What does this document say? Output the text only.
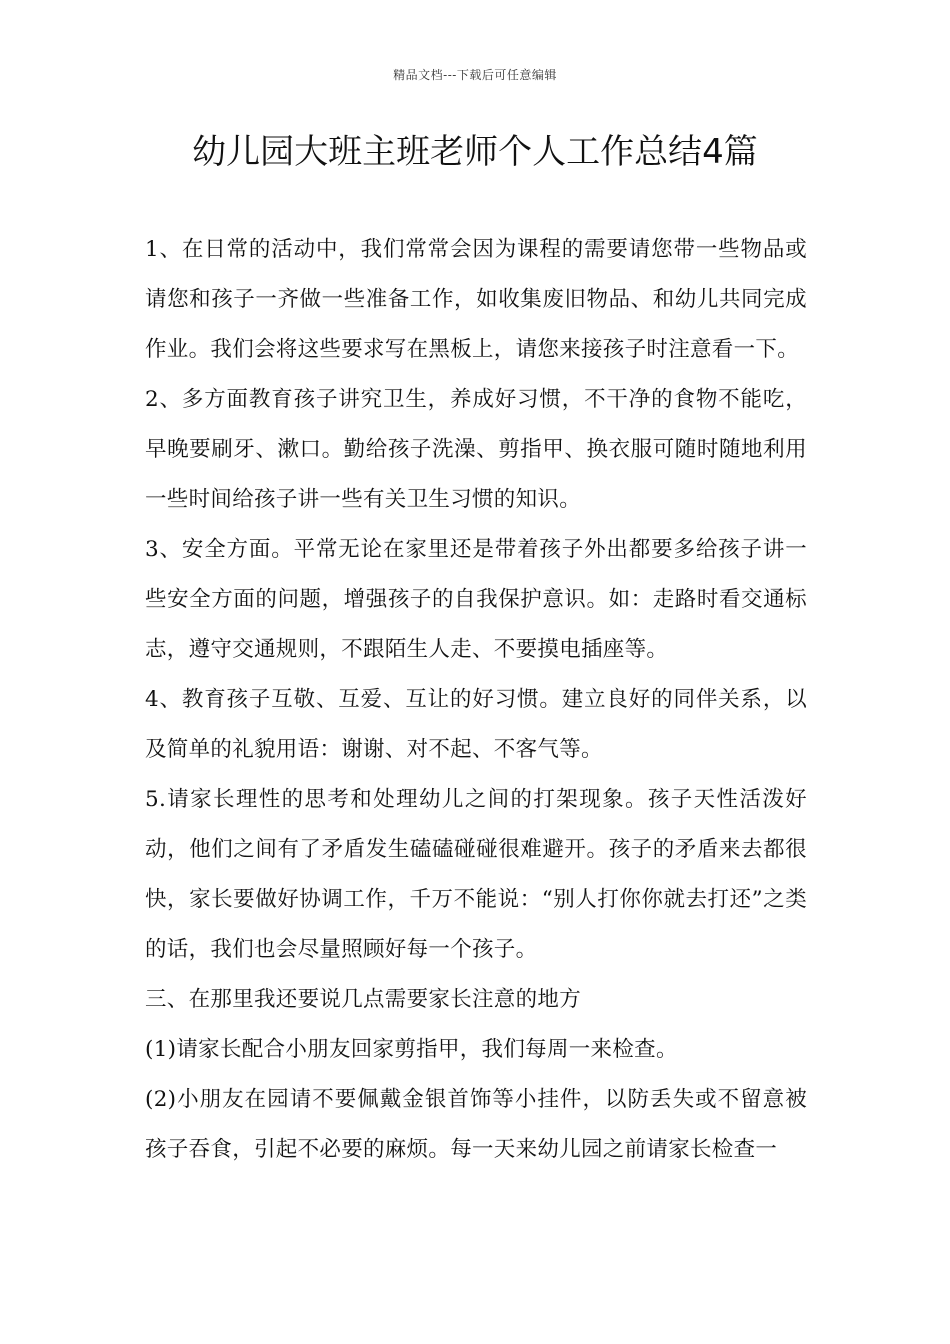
精品文档---下载后可任意编辑
幼儿园大班主班老师个人工作总结4篇

1、在日常的活动中，我们常常会因为课程的需要请您带一些物品或请您和孩子一齐做一些准备工作，如收集废旧物品、和幼儿共同完成作业。我们会将这些要求写在黑板上，请您来接孩子时注意看一下。

2、多方面教育孩子讲究卫生，养成好习惯，不干净的食物不能吃，早晚要刷牙、漱口。勤给孩子洗澡、剪指甲、换衣服可随时随地利用一些时间给孩子讲一些有关卫生习惯的知识。

3、安全方面。平常无论在家里还是带着孩子外出都要多给孩子讲一些安全方面的问题，增强孩子的自我保护意识。如：走路时看交通标志，遵守交通规则，不跟陌生人走、不要摸电插座等。

4、教育孩子互敬、互爱、互让的好习惯。建立良好的同伴关系，以及简单的礼貌用语：谢谢、对不起、不客气等。

5.请家长理性的思考和处理幼儿之间的打架现象。孩子天性活泼好动，他们之间有了矛盾发生磕磕碰碰很难避开。孩子的矛盾来去都很快，家长要做好协调工作，千万不能说：“别人打你你就去打还”之类的话，我们也会尽量照顾好每一个孩子。

三、在那里我还要说几点需要家长注意的地方

(1)请家长配合小朋友回家剪指甲，我们每周一来检查。

(2)小朋友在园请不要佩戴金银首饰等小挂件，以防丢失或不留意被孩子吞食，引起不必要的麻烦。每一天来幼儿园之前请家长检查一
